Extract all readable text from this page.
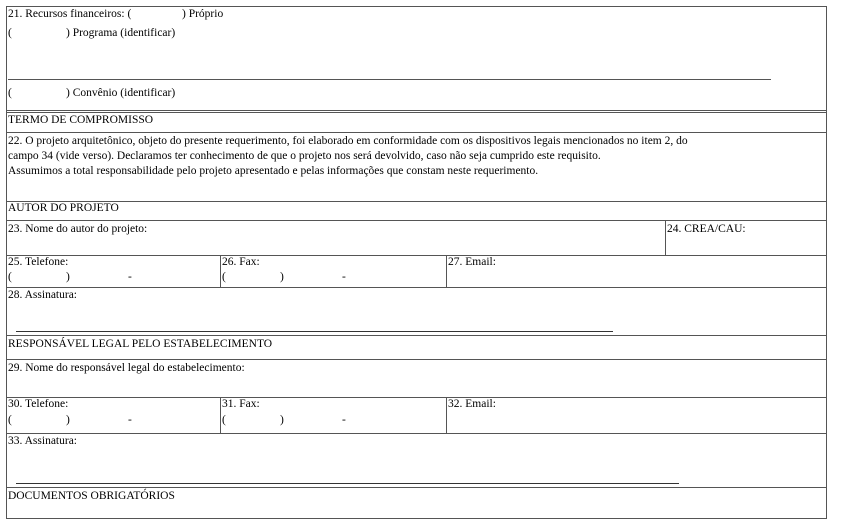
21. Recursos financeiros: (	) Próprio
(	) Programa (identificar)
(	) Convênio (identificar)
TERMO DE COMPROMISSO
22. O projeto arquitetônico, objeto do presente requerimento, foi elaborado em conformidade com os dispositivos legais mencionados no item 2, do
campo 34 (vide verso). Declaramos ter conhecimento de que o projeto nos será devolvido, caso não seja cumprido este requisito.
Assumimos a total responsabilidade pelo projeto apresentado e pelas informações que constam neste requerimento.
AUTOR DO PROJETO
23. Nome do autor do projeto:	24. CREA/CAU:
25. Telefone:
(	)	-
26. Fax:
(	)	-
27. Email:
28. Assinatura:
RESPONSÁVEL LEGAL PELO ESTABELECIMENTO
29. Nome do responsável legal do estabelecimento:
30. Telefone:
(	)	-
31. Fax:
(	)	-
32. Email:
33. Assinatura:
DOCUMENTOS OBRIGATÓRIOS
